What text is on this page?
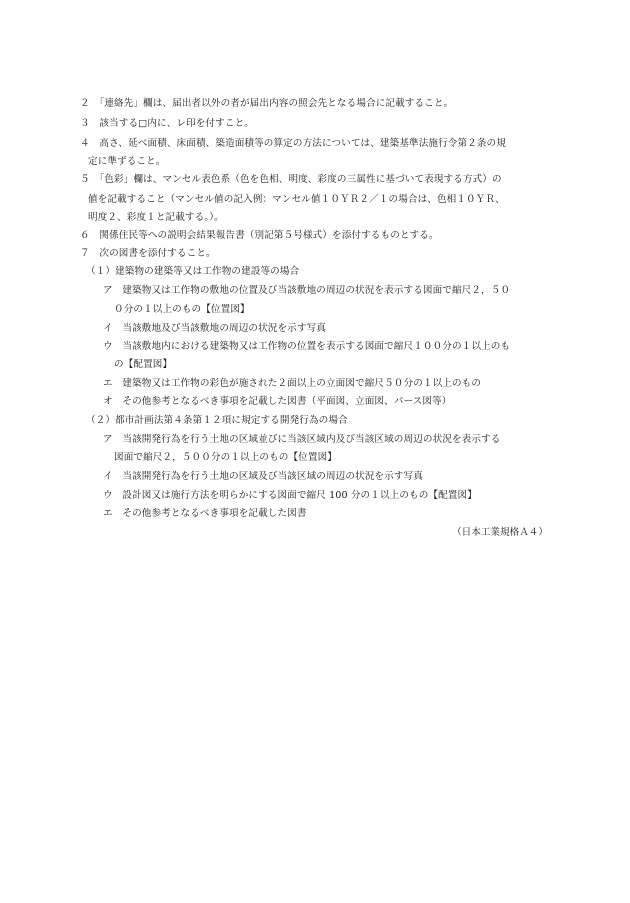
２　「連絡先」欄は、届出者以外の者が届出内容の照会先となる場合に記載すること。
３　該当する□内に、レ印を付すこと。
４　高さ、延べ面積、床面積、築造面積等の算定の方法については、建築基準法施行令第２条の規
定に準ずること。
５　「色彩」欄は、マンセル表色系（色を色相、明度、彩度の三属性に基づいて表現する方式）の
値を記載すること（マンセル値の記入例：マンセル値１０ＹＲ２／１の場合は、色相１０ＹＲ、
明度２、彩度１と記載する。）。
６　関係住民等への説明会結果報告書（別記第５号様式）を添付するものとする。
７　次の図書を添付すること。
（１）建築物の建築等又は工作物の建設等の場合
ア　建築物又は工作物の敷地の位置及び当該敷地の周辺の状況を表示する図面で縮尺２，５０
０分の１以上のもの【位置図】
イ　当該敷地及び当該敷地の周辺の状況を示す写真
ウ　当該敷地内における建築物又は工作物の位置を表示する図面で縮尺１００分の１以上のも
の【配置図】
エ　建築物又は工作物の彩色が施された２面以上の立面図で縮尺５０分の１以上のもの
オ　その他参考となるべき事項を記載した図書（平面図、立面図、パース図等）
（２）都市計画法第４条第１２項に規定する開発行為の場合
ア　当該開発行為を行う土地の区域並びに当該区域内及び当該区域の周辺の状況を表示する
図面で縮尺２，５００分の１以上のもの【位置図】
イ　当該開発行為を行う土地の区域及び当該区域の周辺の状況を示す写真
ウ　設計図又は施行方法を明らかにする図面で縮尺 100 分の１以上のもの【配置図】
エ　その他参考となるべき事項を記載した図書
（日本工業規格Ａ４）
